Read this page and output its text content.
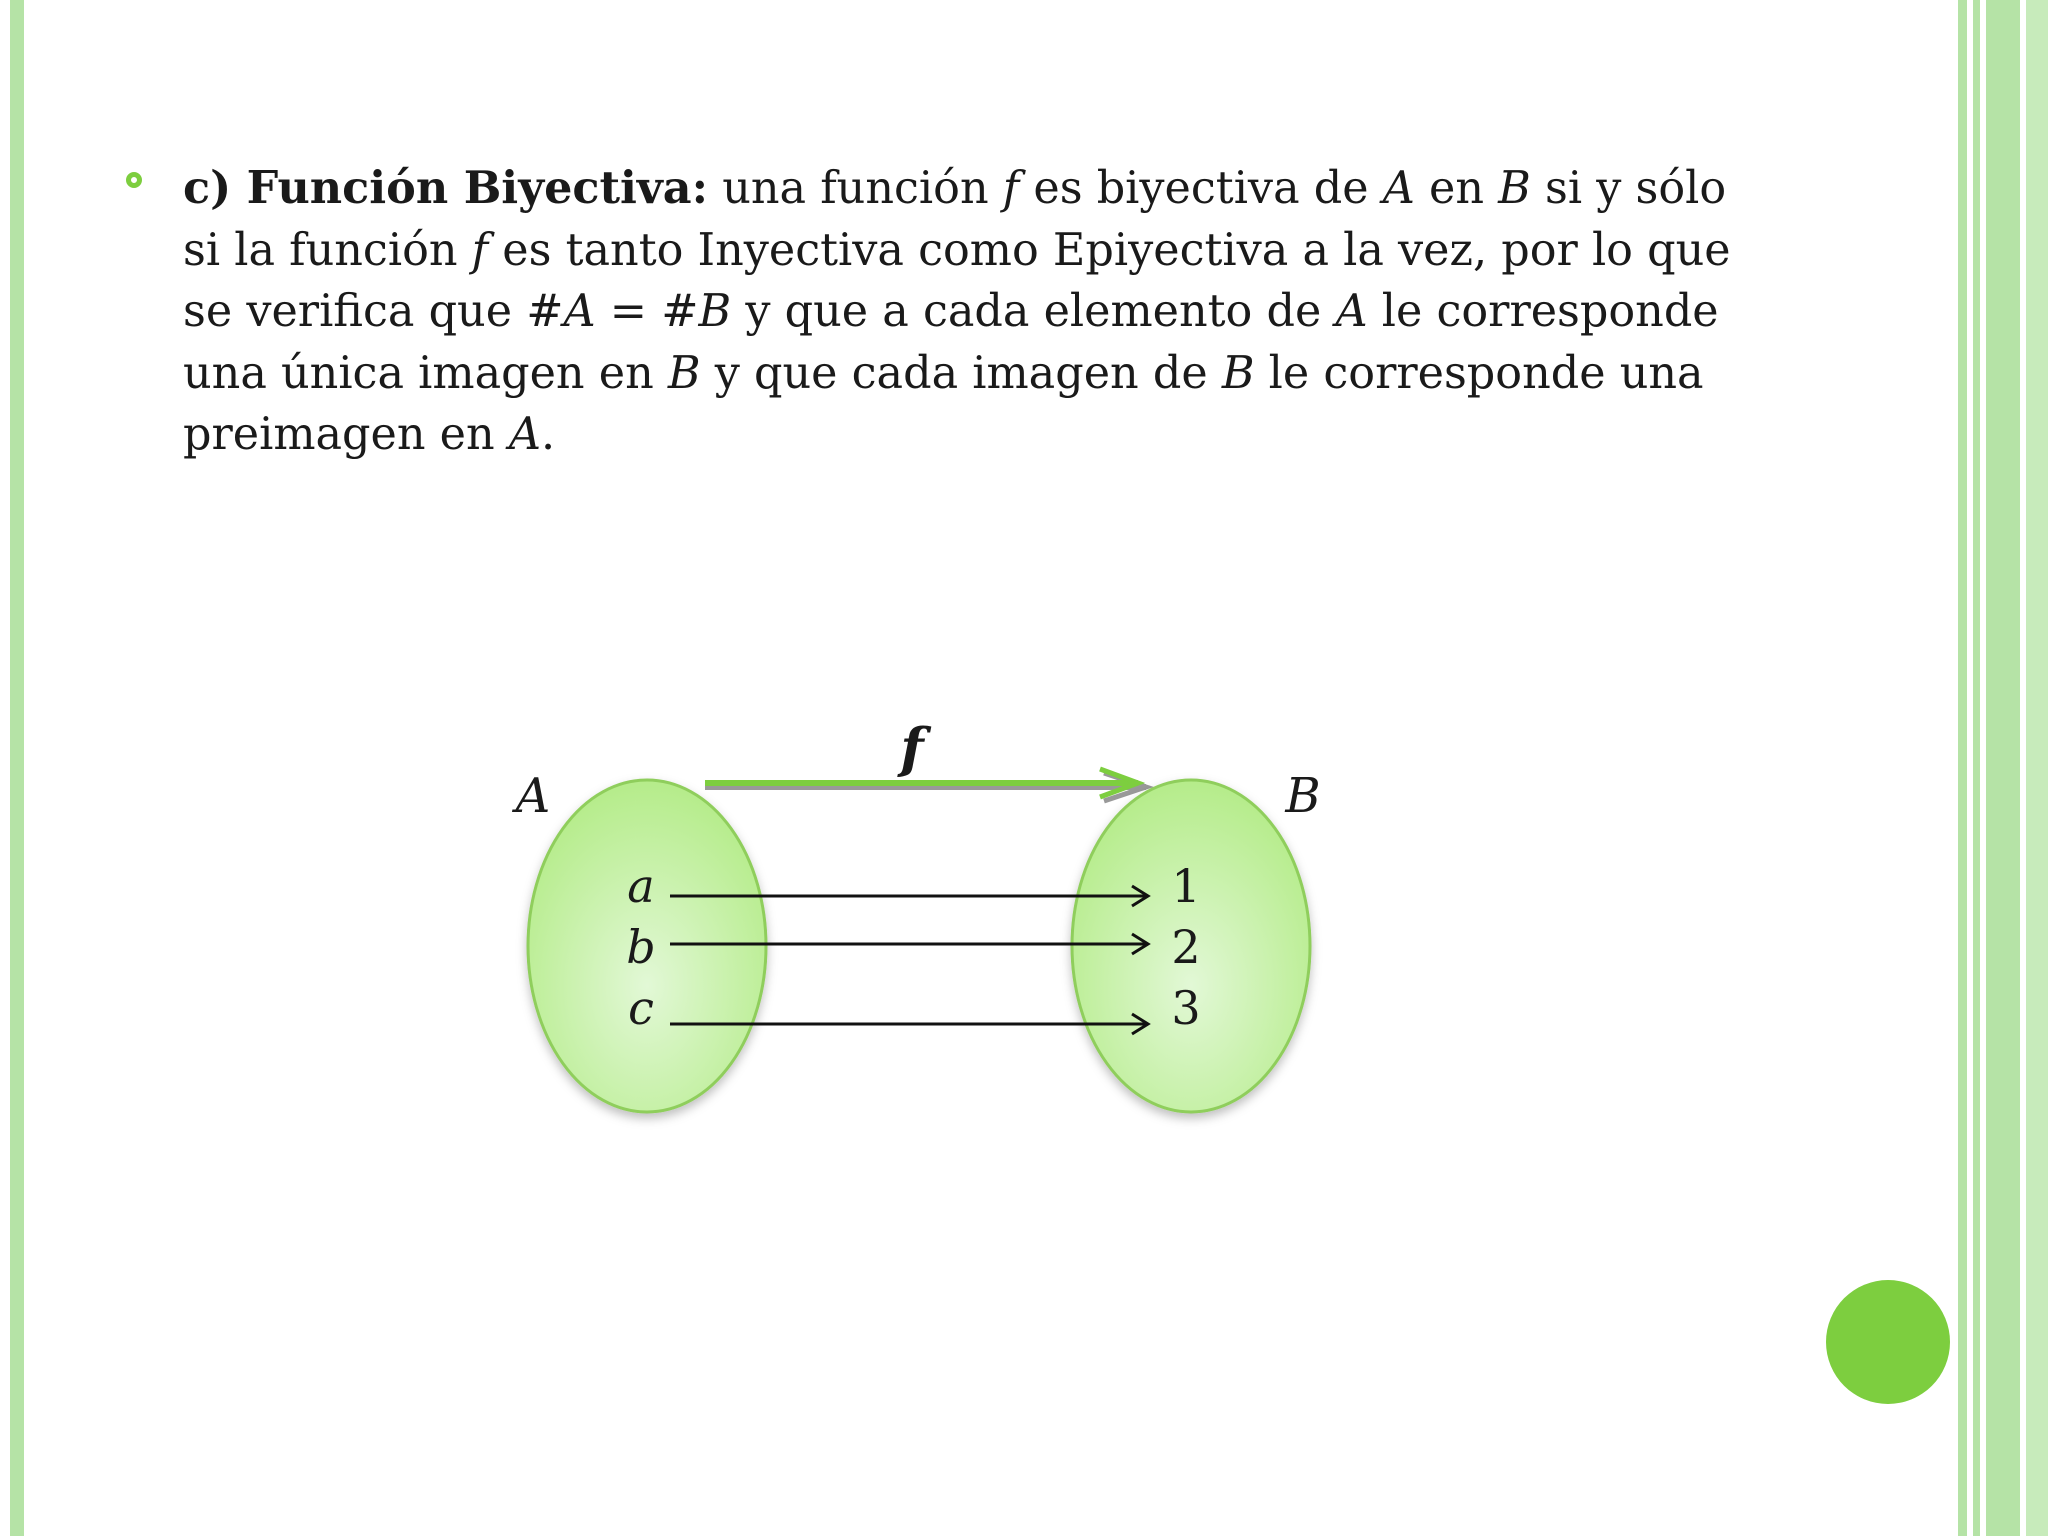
c) Función Biyectiva: una función f es biyectiva de A en B si y sólo si la función f es tanto Inyectiva como Epiyectiva a la vez, por lo que se verifica que #A = #B y que a cada elemento de A le corresponde una única imagen en B y que cada imagen de B le corresponde una preimagen en A.

f
A	B
a
b
c
1
2
3
